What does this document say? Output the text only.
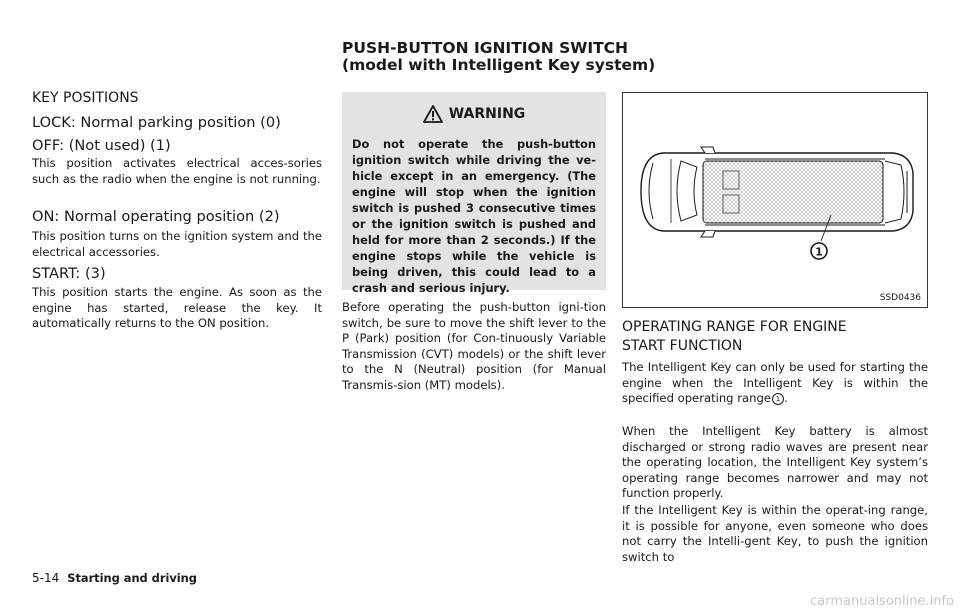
PUSH-BUTTON IGNITION SWITCH
(model with Intelligent Key system)

KEY POSITIONS

LOCK: Normal parking position (0)

OFF: (Not used) (1)

This position activates electrical acces-sories such as the radio when the engine is not running.

ON: Normal operating position (2)

This position turns on the ignition system and the electrical accessories.

START: (3)

This position starts the engine. As soon as the engine has started, release the key. It automatically returns to the ON position.

WARNING
Do not operate the push-button ignition switch while driving the ve-hicle except in an emergency. (The engine will stop when the ignition switch is pushed 3 consecutive times or the ignition switch is pushed and held for more than 2 seconds.) If the engine stops while the vehicle is being driven, this could lead to a crash and serious injury.

Before operating the push-button igni-tion switch, be sure to move the shift lever to the P (Park) position (for Con-tinuously Variable Transmission (CVT) models) or the shift lever to the N (Neutral) position (for Manual Transmis-sion (MT) models).

1
SSD0436

OPERATING RANGE FOR ENGINE

START FUNCTION

The Intelligent Key can only be used for starting the engine when the Intelligent Key is within the specified operating range 1 .

When the Intelligent Key battery is almost discharged or strong radio waves are present near the operating location, the Intelligent Key system’s operating range becomes narrower and may not function properly.

If the Intelligent Key is within the operat-ing range, it is possible for anyone, even someone who does not carry the Intelli-gent Key, to push the ignition switch to

5-14 Starting and driving
carmanualsonline.info
